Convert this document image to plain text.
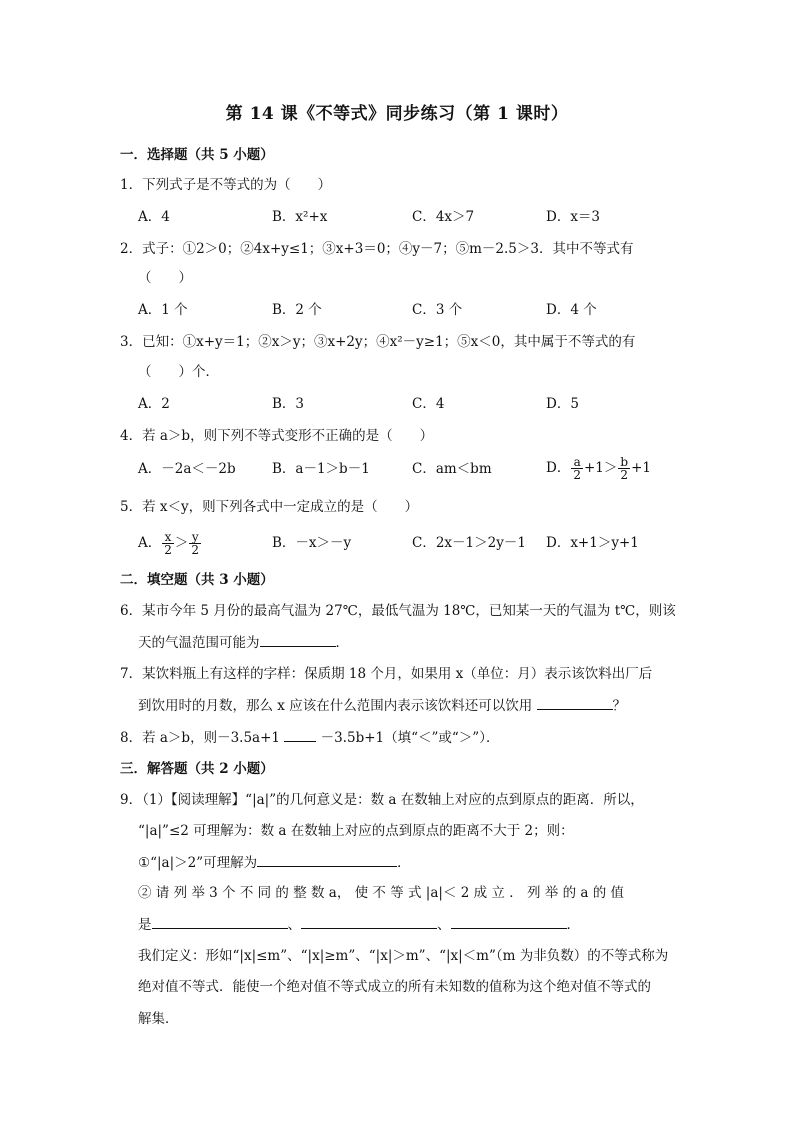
第 14 课《不等式》同步练习（第 1 课时）
一．选择题（共 5 小题）
1．下列式子是不等式的为（　　）
A．4	B．x²+x	C．4x＞7	D．x＝3
2．式子：①2＞0；②4x+y≤1；③x+3＝0；④y－7；⑤m－2.5＞3．其中不等式有
（　　）
A．1 个	B．2 个	C．3 个	D．4 个
3．已知：①x+y＝1；②x＞y；③x+2y；④x²－y≥1；⑤x＜0，其中属于不等式的有
（　　）个．
A．2	B．3	C．4	D．5
4．若 a＞b，则下列不等式变形不正确的是（　　）
A．－2a＜－2b	B．a－1＞b－1	C．am＜bm	D． $\frac{a}{2} +1> \frac{b}{2} +1$
5．若 x＜y，则下列各式中一定成立的是（　　）
A． $\frac{x}{2} > \frac{y}{2}$	B．－x＞－y	C．2x－1＞2y－1 D．x+1＞y+1
二．填空题（共 3 小题）
6．某市今年 5 月份的最高气温为 27℃，最低气温为 18℃，已知某一天的气温为 t℃，则该
天的气温范围可能为	．
7．某饮料瓶上有这样的字样：保质期 18 个月，如果用 x（单位：月）表示该饮料出厂后
到饮用时的月数，那么 x 应该在什么范围内表示该饮料还可以饮用	？
8．若 a＞b，则－3.5a+1	－3.5b+1（填“＜”或“＞”）．
三．解答题（共 2 小题）
9．（1）【阅读理解】“|a|”的几何意义是：数 a 在数轴上对应的点到原点的距离．所以，
“|a|”≤2 可理解为：数 a 在数轴上对应的点到原点的距离不大于 2；则：
①“|a|＞2”可理解为	．
② 请 列 举 3 个 不 同 的 整 数 a， 使 不 等 式 |a|＜ 2 成 立 ． 列 举 的 a 的 值
是	、	、	．
我们定义：形如“|x|≤m”、“|x|≥m”、“|x|＞m”、“|x|＜m”（m 为非负数）的不等式称为
绝对值不等式．能使一个绝对值不等式成立的所有未知数的值称为这个绝对值不等式的
解集．
